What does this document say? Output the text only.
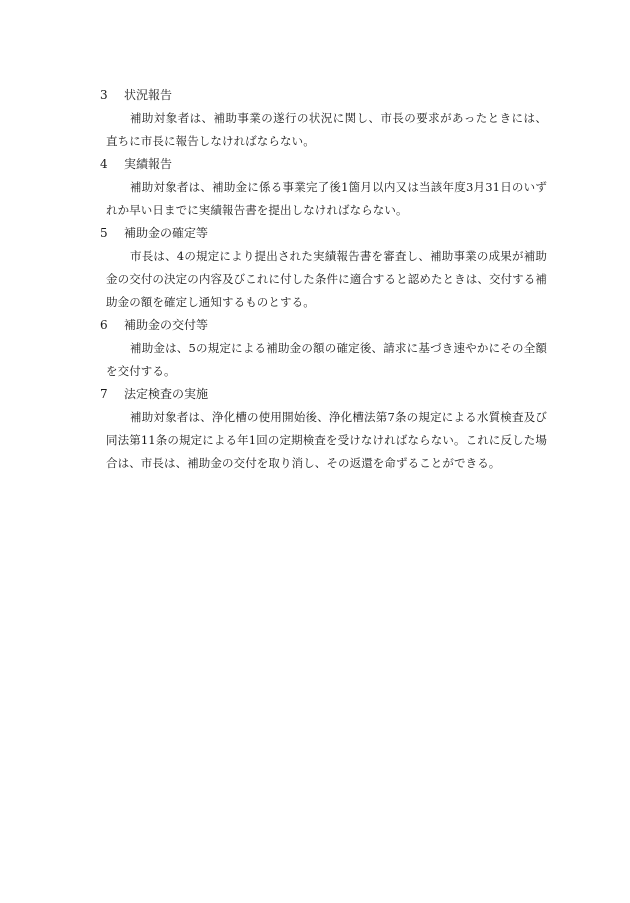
3 状況報告

補助対象者は、補助事業の遂行の状況に関し、市長の要求があったときには、直ちに市長に報告しなければならない。

4 実績報告

補助対象者は、補助金に係る事業完了後1箇月以内又は当該年度3月31日のいずれか早い日までに実績報告書を提出しなければならない。

5 補助金の確定等

市長は、4の規定により提出された実績報告書を審査し、補助事業の成果が補助金の交付の決定の内容及びこれに付した条件に適合すると認めたときは、交付する補助金の額を確定し通知するものとする。

6 補助金の交付等

補助金は、5の規定による補助金の額の確定後、請求に基づき速やかにその全額を交付する。

7 法定検査の実施

補助対象者は、浄化槽の使用開始後、浄化槽法第7条の規定による水質検査及び同法第11条の規定による年1回の定期検査を受けなければならない。これに反した場合は、市長は、補助金の交付を取り消し、その返還を命ずることができる。
